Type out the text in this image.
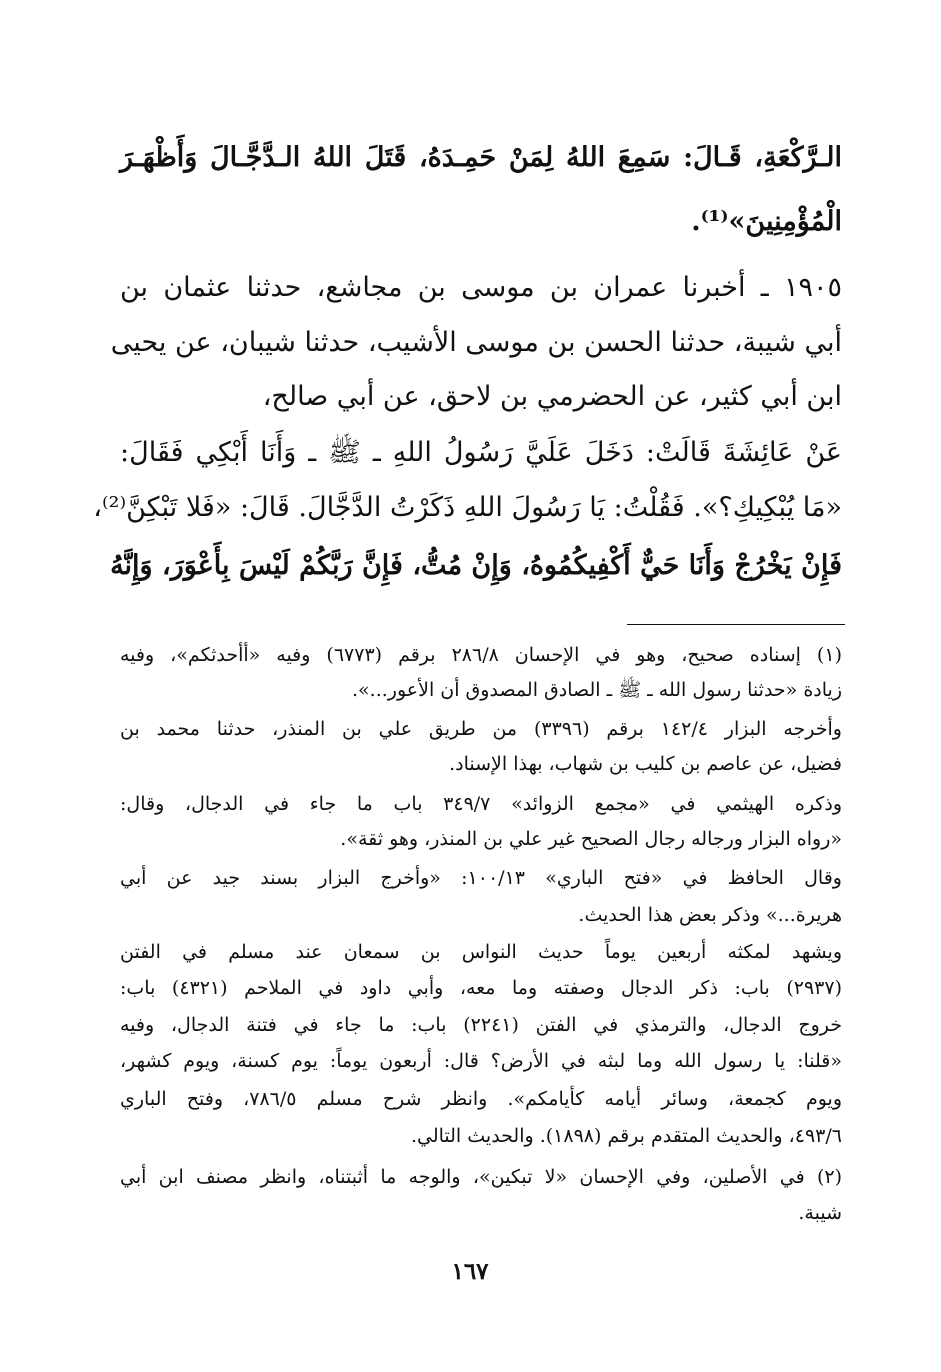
الـرَّكْعَةِ، قَـالَ: سَمِعَ اللهُ لِمَنْ حَمِـدَهُ، قَتَلَ اللهُ الـدَّجَّـالَ وَأَظْهَـرَ
الْمُؤْمِنِينَ»⁽¹⁾.
١٩٠٥ ـ أخبرنا عمران بن موسى بن مجاشع، حدثنا عثمان بن
أبي شيبة، حدثنا الحسن بن موسى الأشيب، حدثنا شيبان، عن يحيى
ابن أبي كثير، عن الحضرمي بن لاحق، عن أبي صالح،
عَنْ عَائِشَةَ قَالَتْ: دَخَلَ عَلَيَّ رَسُولُ اللهِ ـ ﷺ ـ وَأَنَا أَبْكِي فَقَالَ:
«مَا يُبْكِيكِ؟». فَقُلْتُ: يَا رَسُولَ اللهِ ذَكَرْتُ الدَّجَّالَ. قَالَ: «فَلا تَبْكِنَّ⁽²⁾،
فَإِنْ يَخْرُجْ وَأَنَا حَيٌّ أَكْفِيكُمُوهُ، وَإِنْ مُتُّ، فَإِنَّ رَبَّكُمْ لَيْسَ بِأَعْوَرَ، وَإِنَّهُ
(١) إسناده صحيح، وهو في الإحسان ٢٨٦/٨ برقم (٦٧٧٣) وفيه «أأحدثكم»، وفيه
زيادة «حدثنا رسول الله ـ ﷺ ـ الصادق المصدوق أن الأعور...».
وأخرجه البزار ١٤٢/٤ برقم (٣٣٩٦) من طريق علي بن المنذر، حدثنا محمد بن
فضيل، عن عاصم بن كليب بن شهاب، بهذا الإسناد.
وذكره الهيثمي في «مجمع الزوائد» ٣٤٩/٧ باب ما جاء في الدجال، وقال:
«رواه البزار ورجاله رجال الصحيح غير علي بن المنذر، وهو ثقة».
وقال الحافظ في «فتح الباري» ١٠٠/١٣: «وأخرج البزار بسند جيد عن أبي
هريرة...» وذكر بعض هذا الحديث.
ويشهد لمكثه أربعين يوماً حديث النواس بن سمعان عند مسلم في الفتن
(٢٩٣٧) باب: ذكر الدجال وصفته وما معه، وأبي داود في الملاحم (٤٣٢١) باب:
خروج الدجال، والترمذي في الفتن (٢٢٤١) باب: ما جاء في فتنة الدجال، وفيه
«قلنا: يا رسول الله وما لبثه في الأرض؟ قال: أربعون يوماً: يوم كسنة، ويوم كشهر،
ويوم كجمعة، وسائر أيامه كأيامكم». وانظر شرح مسلم ٧٨٦/٥، وفتح الباري
٤٩٣/٦، والحديث المتقدم برقم (١٨٩٨). والحديث التالي.
(٢) في الأصلين، وفي الإحسان «لا تبكين»، والوجه ما أثبتناه، وانظر مصنف ابن أبي
شيبة.
١٦٧
